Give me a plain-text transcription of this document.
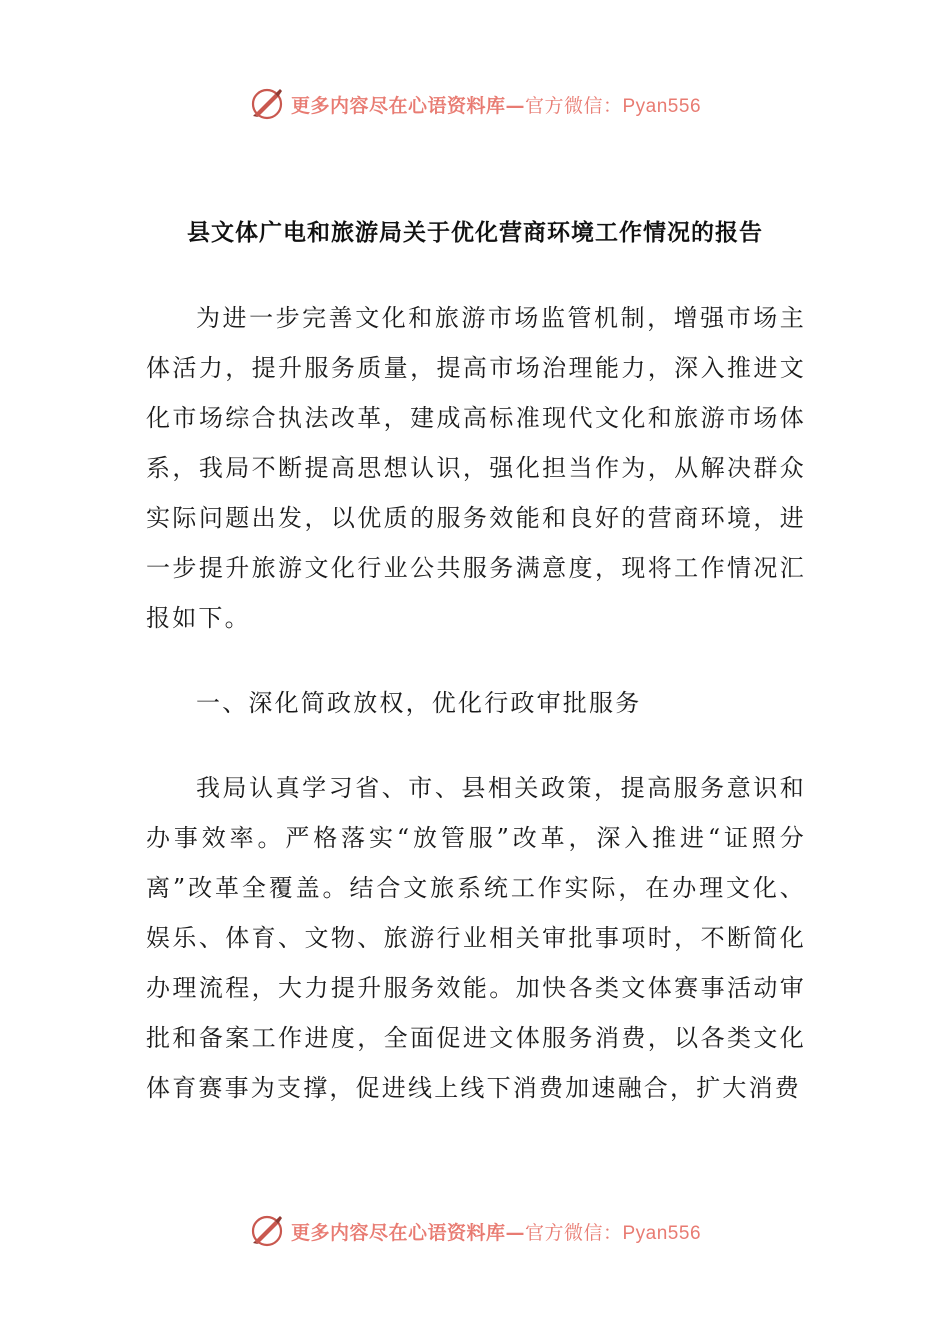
更多内容尽在心语资料库—官方微信：Pyan556
县文体广电和旅游局关于优化营商环境工作情况的报告

为进一步完善文化和旅游市场监管机制，增强市场主体活力，提升服务质量，提高市场治理能力，深入推进文化市场综合执法改革，建成高标准现代文化和旅游市场体系，我局不断提高思想认识，强化担当作为，从解决群众实际问题出发，以优质的服务效能和良好的营商环境，进一步提升旅游文化行业公共服务满意度，现将工作情况汇报如下。

一、深化简政放权，优化行政审批服务

我局认真学习省、市、县相关政策，提高服务意识和办事效率。严格落实“放管服”改革，深入推进“证照分离”改革全覆盖。结合文旅系统工作实际，在办理文化、娱乐、体育、文物、旅游行业相关审批事项时，不断简化办理流程，大力提升服务效能。加快各类文体赛事活动审批和备案工作进度，全面促进文体服务消费，以各类文化体育赛事为支撑，促进线上线下消费加速融合，扩大消费

更多内容尽在心语资料库—官方微信：Pyan556
